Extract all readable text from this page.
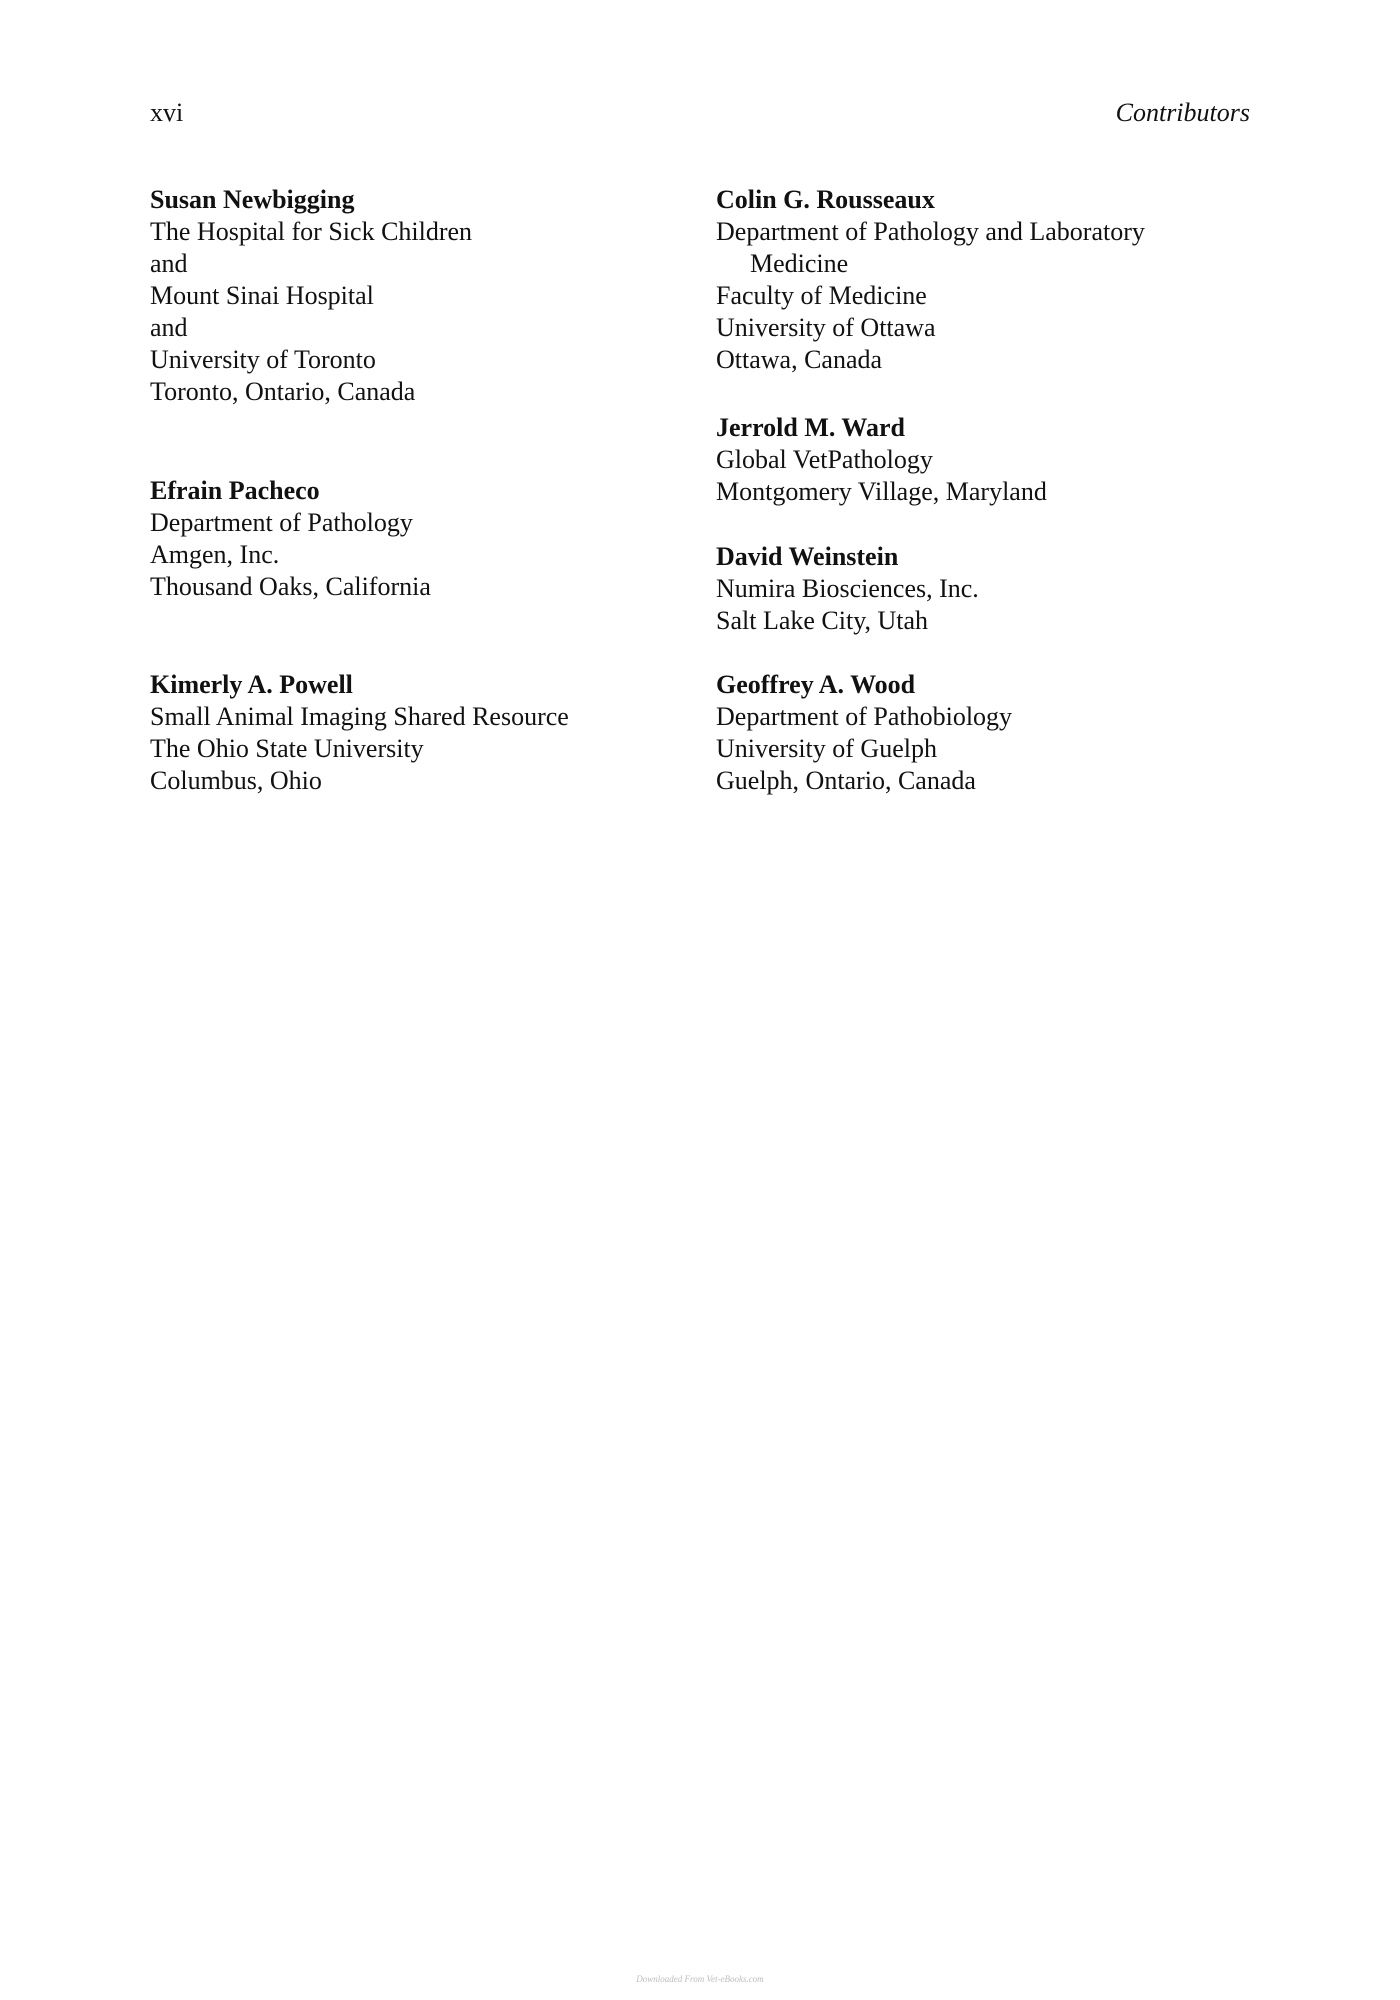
xvi	Contributors
Susan Newbigging
The Hospital for Sick Children
and
Mount Sinai Hospital
and
University of Toronto
Toronto, Ontario, Canada
Efrain Pacheco
Department of Pathology
Amgen, Inc.
Thousand Oaks, California
Kimerly A. Powell
Small Animal Imaging Shared Resource
The Ohio State University
Columbus, Ohio
Colin G. Rousseaux
Department of Pathology and Laboratory
Medicine
Faculty of Medicine
University of Ottawa
Ottawa, Canada
Jerrold M. Ward
Global VetPathology
Montgomery Village, Maryland
David Weinstein
Numira Biosciences, Inc.
Salt Lake City, Utah
Geoffrey A. Wood
Department of Pathobiology
University of Guelph
Guelph, Ontario, Canada
Downloaded From Vet-eBooks.com
